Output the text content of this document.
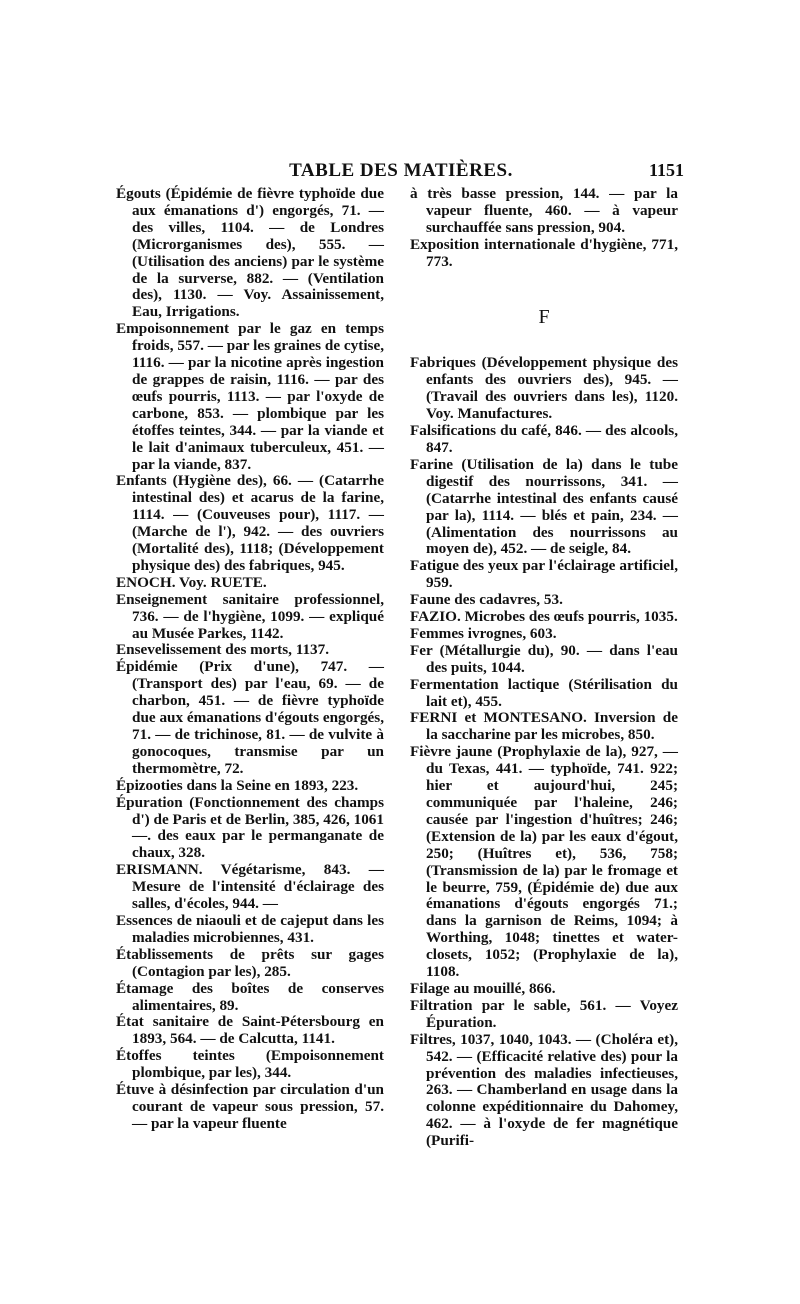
TABLE DES MATIÈRES.	1151

Égouts (Épidémie de fièvre typhoïde due aux émanations d') engorgés, 71. — des villes, 1104. — de Londres (Microrganismes des), 555. — (Utilisation des anciens) par le système de la surverse, 882. — (Ventilation des), 1130. — Voy. Assainissement, Eau, Irrigations.

Empoisonnement par le gaz en temps froids, 557. — par les graines de cytise, 1116. — par la nicotine après ingestion de grappes de raisin, 1116. — par des œufs pourris, 1113. — par l'oxyde de carbone, 853. — plombique par les étoffes teintes, 344. — par la viande et le lait d'animaux tuberculeux, 451. — par la viande, 837.

Enfants (Hygiène des), 66. — (Catarrhe intestinal des) et acarus de la farine, 1114. — (Couveuses pour), 1117. — (Marche de l'), 942. — des ouvriers (Mortalité des), 1118; (Développement physique des) des fabriques, 945.

ENOCH. Voy. RUETE.

Enseignement sanitaire professionnel, 736. — de l'hygiène, 1099. — expliqué au Musée Parkes, 1142.

Ensevelissement des morts, 1137.

Épidémie (Prix d'une), 747. — (Transport des) par l'eau, 69. — de charbon, 451. — de fièvre typhoïde due aux émanations d'égouts engorgés, 71. — de trichinose, 81. — de vulvite à gonocoques, transmise par un thermomètre, 72.

Épizooties dans la Seine en 1893, 223.

Épuration (Fonctionnement des champs d') de Paris et de Berlin, 385, 426, 1061 —. des eaux par le permanganate de chaux, 328.

ERISMANN. Végétarisme, 843. — Mesure de l'intensité d'éclairage des salles, d'écoles, 944. —

Essences de niaouli et de cajeput dans les maladies microbiennes, 431.

Établissements de prêts sur gages (Contagion par les), 285.

Étamage des boîtes de conserves alimentaires, 89.

État sanitaire de Saint-Pétersbourg en 1893, 564. — de Calcutta, 1141.

Étoffes teintes (Empoisonnement plombique, par les), 344.

Étuve à désinfection par circulation d'un courant de vapeur sous pression, 57. — par la vapeur fluente

à très basse pression, 144. — par la vapeur fluente, 460. — à vapeur surchauffée sans pression, 904.

Exposition internationale d'hygiène, 771, 773.

F

Fabriques (Développement physique des enfants des ouvriers des), 945. — (Travail des ouvriers dans les), 1120. Voy. Manufactures.

Falsifications du café, 846. — des alcools, 847.

Farine (Utilisation de la) dans le tube digestif des nourrissons, 341. — (Catarrhe intestinal des enfants causé par la), 1114. — blés et pain, 234. — (Alimentation des nourrissons au moyen de), 452. — de seigle, 84.

Fatigue des yeux par l'éclairage artificiel, 959.

Faune des cadavres, 53.

FAZIO. Microbes des œufs pourris, 1035.

Femmes ivrognes, 603.

Fer (Métallurgie du), 90. — dans l'eau des puits, 1044.

Fermentation lactique (Stérilisation du lait et), 455.

FERNI et MONTESANO. Inversion de la saccharine par les microbes, 850.

Fièvre jaune (Prophylaxie de la), 927, — du Texas, 441. — typhoïde, 741. 922; hier et aujourd'hui, 245; communiquée par l'haleine, 246; causée par l'ingestion d'huîtres; 246; (Extension de la) par les eaux d'égout, 250; (Huîtres et), 536, 758; (Transmission de la) par le fromage et le beurre, 759, (Épidémie de) due aux émanations d'égouts engorgés 71.; dans la garnison de Reims, 1094; à Worthing, 1048; tinettes et water-closets, 1052; (Prophylaxie de la), 1108.

Filage au mouillé, 866.

Filtration par le sable, 561. — Voyez Épuration.

Filtres, 1037, 1040, 1043. — (Choléra et), 542. — (Efficacité relative des) pour la prévention des maladies infectieuses, 263. — Chamberland en usage dans la colonne expéditionnaire du Dahomey, 462. — à l'oxyde de fer magnétique (Purifi-
